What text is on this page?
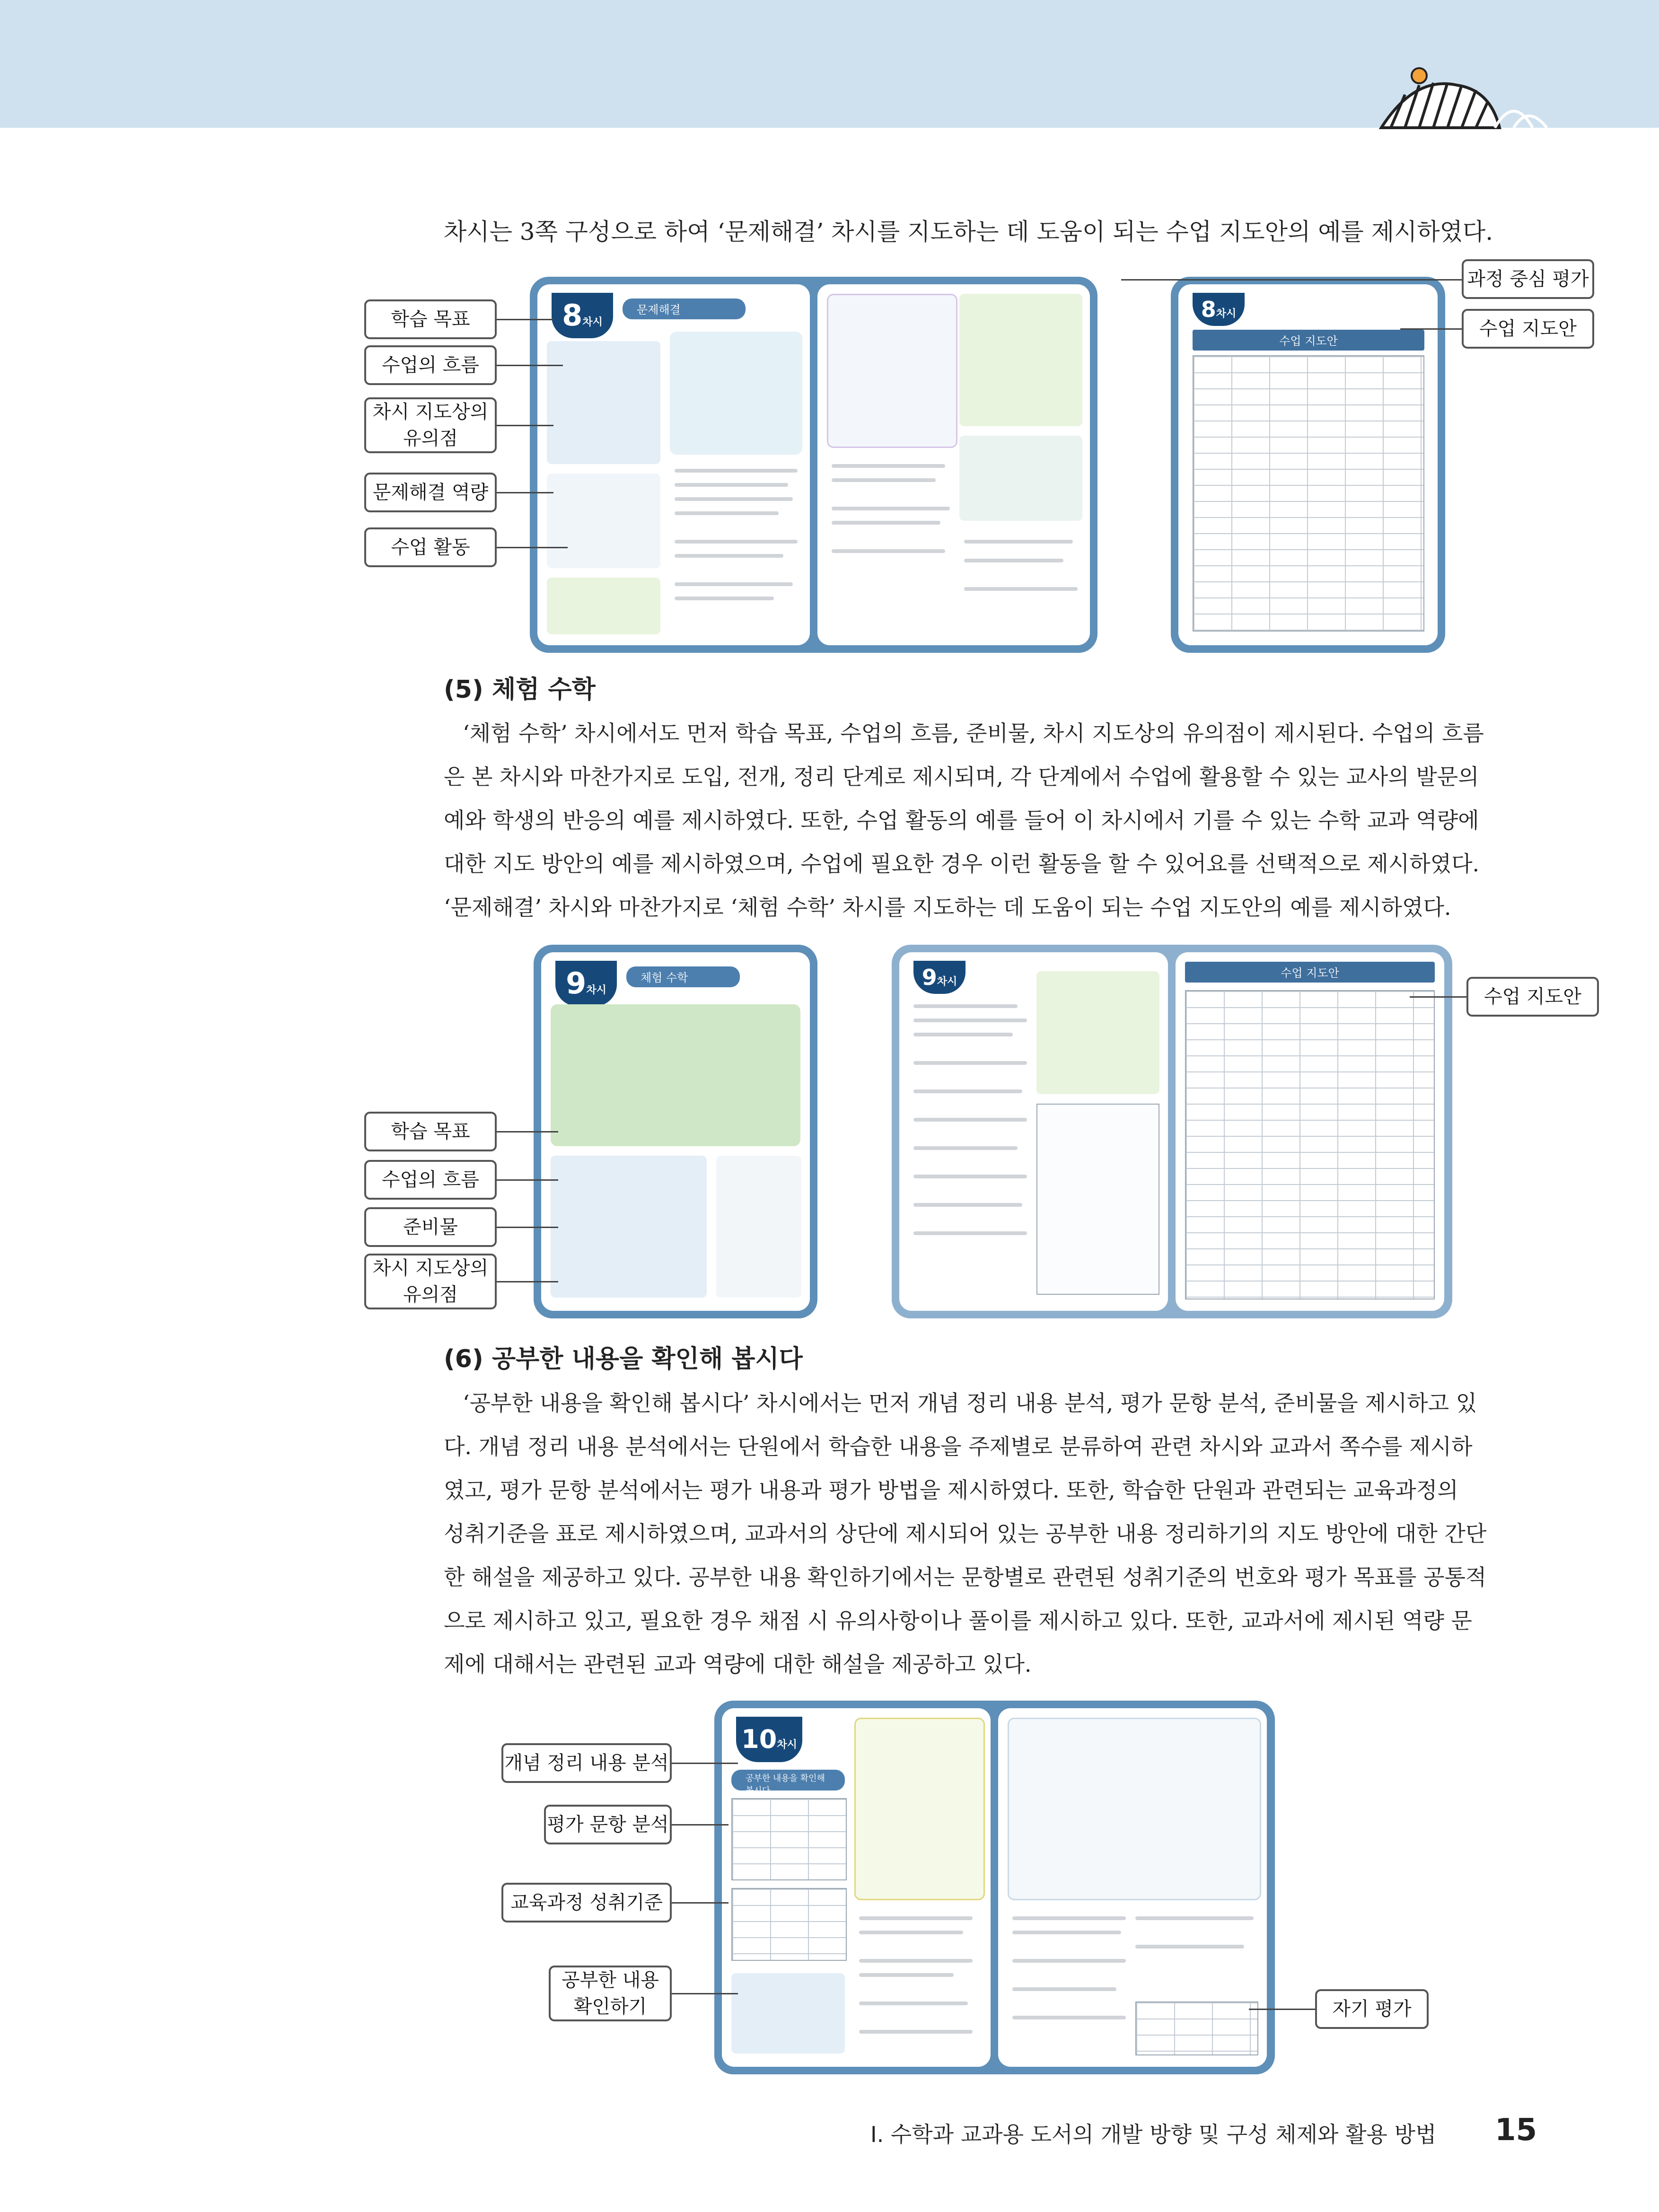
차시는 3쪽 구성으로 하여 ‘문제해결’ 차시를 지도하는 데 도움이 되는 수업 지도안의 예를 제시하였다.
8차시
문제해결	8차시
수업 지도안
학습 목표
수업의 흐름
차시 지도상의
유의점
문제해결 역량
수업 활동
과정 중심 평가
수업 지도안
(5) 체험 수학
‘체험 수학’ 차시에서도 먼저 학습 목표, 수업의 흐름, 준비물, 차시 지도상의 유의점이 제시된다. 수업의 흐름
은 본 차시와 마찬가지로 도입, 전개, 정리 단계로 제시되며, 각 단계에서 수업에 활용할 수 있는 교사의 발문의
예와 학생의 반응의 예를 제시하였다. 또한, 수업 활동의 예를 들어 이 차시에서 기를 수 있는 수학 교과 역량에
대한 지도 방안의 예를 제시하였으며, 수업에 필요한 경우 이런 활동을 할 수 있어요를 선택적으로 제시하였다.
‘문제해결’ 차시와 마찬가지로 ‘체험 수학’ 차시를 지도하는 데 도움이 되는 수업 지도안의 예를 제시하였다.
9차시
체험 수학	9차시
수업 지도안
수업 지도안
학습 목표
수업의 흐름
준비물
차시 지도상의
유의점
(6) 공부한 내용을 확인해 봅시다
‘공부한 내용을 확인해 봅시다’ 차시에서는 먼저 개념 정리 내용 분석, 평가 문항 분석, 준비물을 제시하고 있
다. 개념 정리 내용 분석에서는 단원에서 학습한 내용을 주제별로 분류하여 관련 차시와 교과서 쪽수를 제시하
였고, 평가 문항 분석에서는 평가 내용과 평가 방법을 제시하였다. 또한, 학습한 단원과 관련되는 교육과정의
성취기준을 표로 제시하였으며, 교과서의 상단에 제시되어 있는 공부한 내용 정리하기의 지도 방안에 대한 간단
한 해설을 제공하고 있다. 공부한 내용 확인하기에서는 문항별로 관련된 성취기준의 번호와 평가 목표를 공통적
으로 제시하고 있고, 필요한 경우 채점 시 유의사항이나 풀이를 제시하고 있다. 또한, 교과서에 제시된 역량 문
제에 대해서는 관련된 교과 역량에 대한 해설을 제공하고 있다.
10차시
공부한 내용을 확인해 봅시다
개념 정리 내용 분석
평가 문항 분석
교육과정 성취기준
공부한 내용
확인하기	자기 평가
Ⅰ. 수학과 교과용 도서의 개발 방향 및 구성 체제와 활용 방법 15
